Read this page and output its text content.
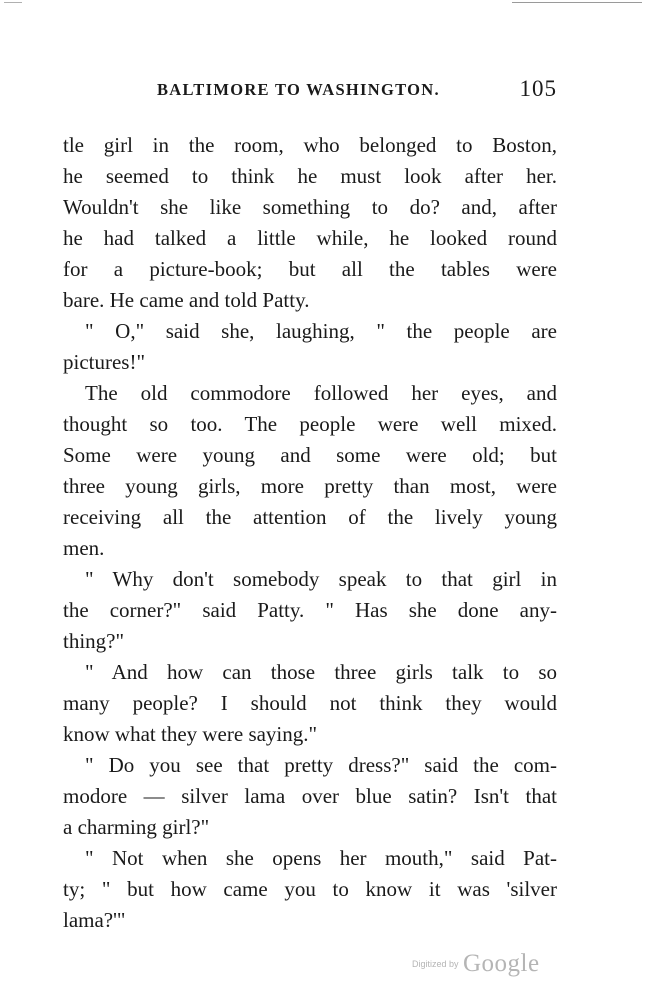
BALTIMORE TO WASHINGTON.	105
tle girl in the room, who belonged to Boston,
he seemed to think he must look after her.
Wouldn't she like something to do? and, after
he had talked a little while, he looked round
for a picture-book; but all the tables were
bare. He came and told Patty.
" O," said she, laughing, " the people are
pictures!"
The old commodore followed her eyes, and
thought so too. The people were well mixed.
Some were young and some were old; but
three young girls, more pretty than most, were
receiving all the attention of the lively young
men.
" Why don't somebody speak to that girl in
the corner?" said Patty. " Has she done any-
thing?"
" And how can those three girls talk to so
many people? I should not think they would
know what they were saying."
" Do you see that pretty dress?" said the com-
modore — silver lama over blue satin? Isn't that
a charming girl?"
" Not when she opens her mouth," said Pat-
ty; " but how came you to know it was 'silver
lama?'"
Digitized by Google
